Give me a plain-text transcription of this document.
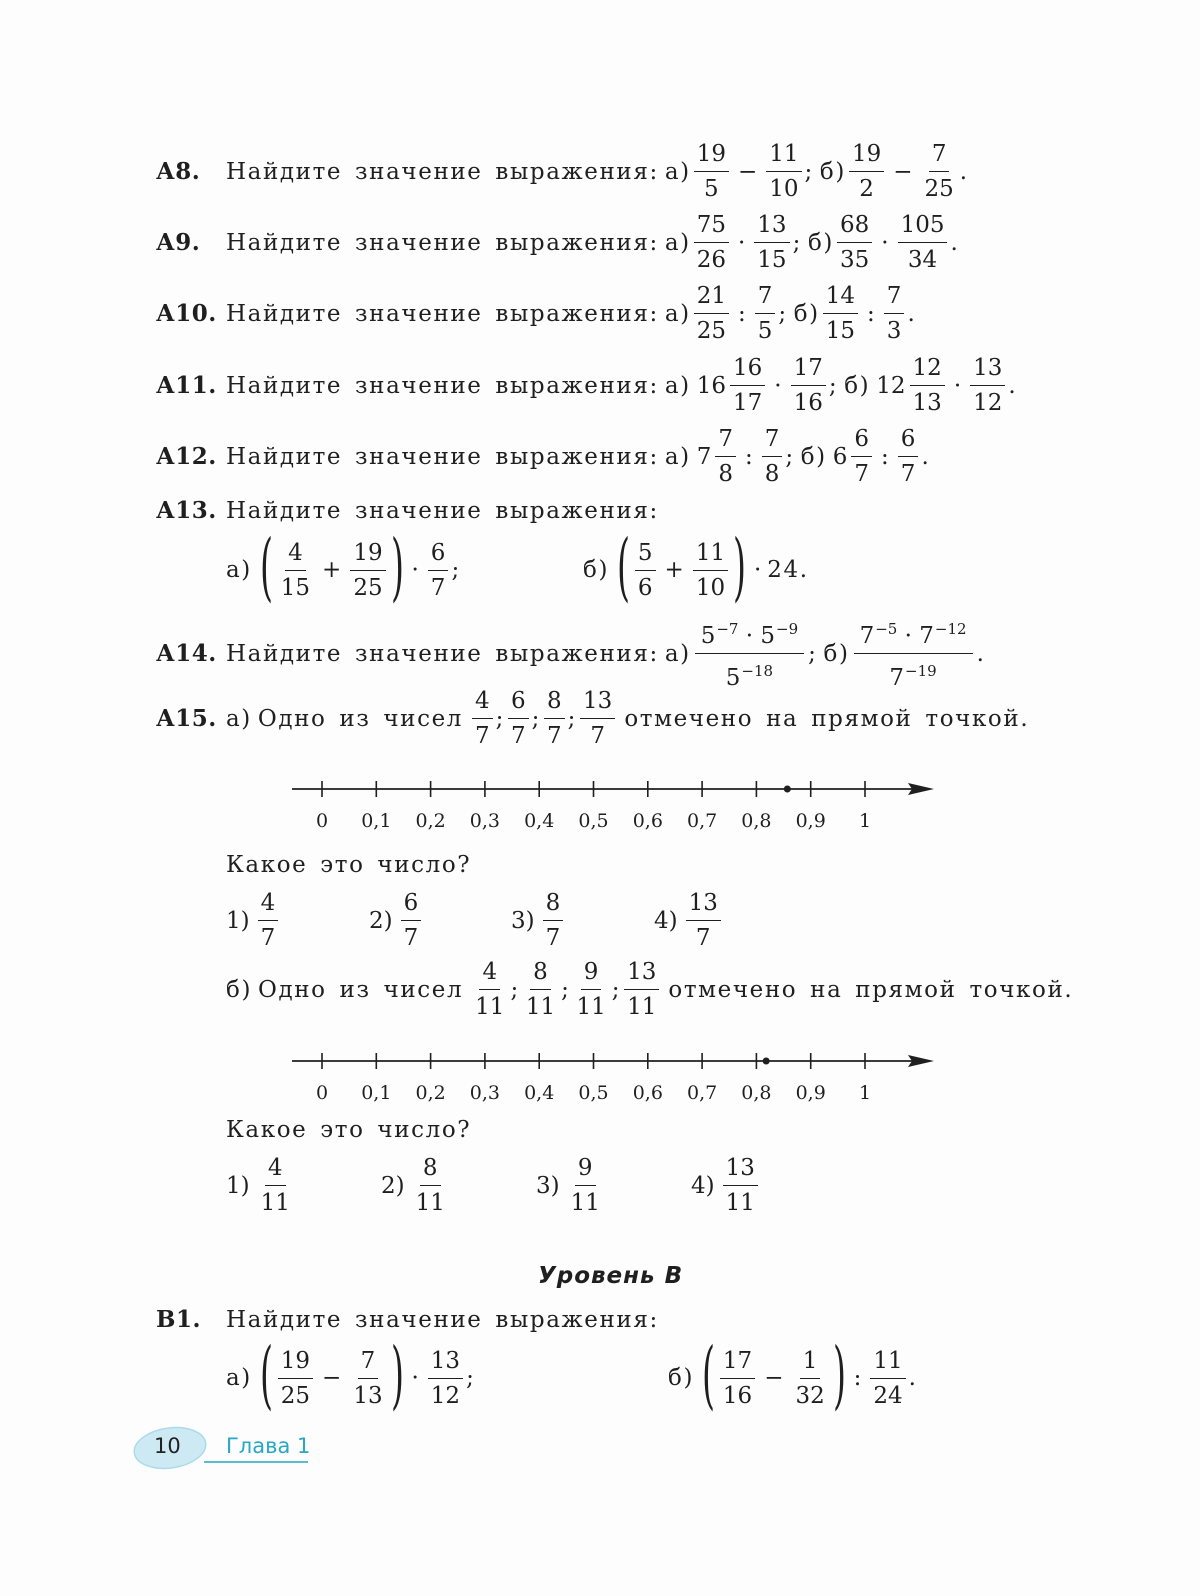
А8.	Найдите значение выражения: а)
19
5
− $\frac{11}{10}$ ; б)
19
2
− $\frac{7}{25}$ .
А9.	Найдите значение выражения: а)
75
26
·
13
15
; б)
68
35
·
105
34
.
А10. Найдите значение выражения: а)
21
25
:
7
5
; б)
14
15
:
7
3
.
А11. Найдите значение выражения: а) 16
16
17
·
17
16
; б) 12
12
13
·
13
12
.
А12. Найдите значение выражения: а) 7
7
8
:
7
8
; б) 6
6
7
:
6
7
.
А13. Найдите значение выражения:
а) ( 4
15
+ $\frac{19}{25}$ ) ·
6
7
;	б) ( 5
6
+ $\frac{11}{10}$ ) · 24.
А14. Найдите значение выражения: а)
$5^{-7} \cdot 5^{-9}$
$5^{-18}$
; б)
$7^{-5} \cdot 7^{-12}$
$7^{-19}$
.
А15. а) Одно из чисел
4
7
;
6
7
;
8
7
;
13
7
отмечено на прямой точкой.
0 0,1 0,2 0,3 0,4 0,5 0,6 0,7 0,8 0,9 1
Какое это число?
1)
4
7
2)
6
7
3)
8
7
4)
13
7
б) Одно из чисел
4
11
;
8
11
;
9
11
;
13
11
отмечено на прямой точкой.
0 0,1 0,2 0,3 0,4 0,5 0,6 0,7 0,8 0,9 1
Какое это число?
1)
4
11
2)
8
11
3)
9
11
4)
13
11
Уровень В
В1.	Найдите значение выражения:
а) ( 19
25
− $\frac{7}{13}$ ) ·
13
12
;	б) ( 17
16
− $\frac{1}{32}$ ) :
11
24
.
10 Глава 1
